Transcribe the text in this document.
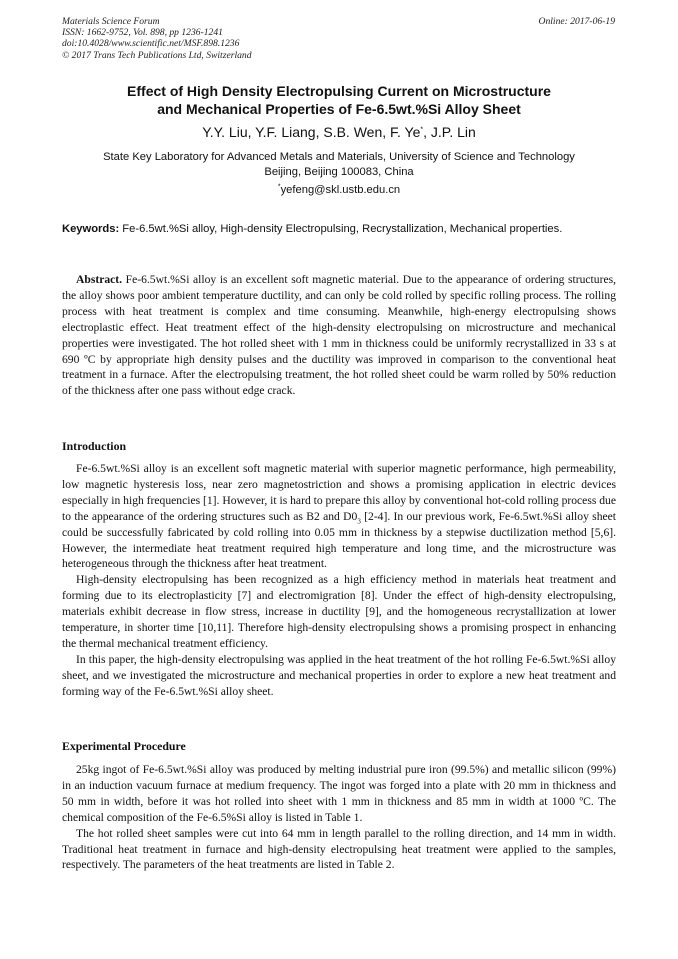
Materials Science Forum
ISSN: 1662-9752, Vol. 898, pp 1236-1241
doi:10.4028/www.scientific.net/MSF.898.1236
© 2017 Trans Tech Publications Ltd, Switzerland
Online: 2017-06-19
Effect of High Density Electropulsing Current on Microstructure
and Mechanical Properties of Fe-6.5wt.%Si Alloy Sheet
Y.Y. Liu, Y.F. Liang, S.B. Wen, F. Ye*, J.P. Lin
State Key Laboratory for Advanced Metals and Materials, University of Science and Technology
Beijing, Beijing 100083, China
*yefeng@skl.ustb.edu.cn
Keywords: Fe-6.5wt.%Si alloy, High-density Electropulsing, Recrystallization, Mechanical properties.

Abstract. Fe-6.5wt.%Si alloy is an excellent soft magnetic material. Due to the appearance of ordering structures, the alloy shows poor ambient temperature ductility, and can only be cold rolled by specific rolling process. The rolling process with heat treatment is complex and time consuming. Meanwhile, high-energy electropulsing shows electroplastic effect. Heat treatment effect of the high-density electropulsing on microstructure and mechanical properties were investigated. The hot rolled sheet with 1 mm in thickness could be uniformly recrystallized in 33 s at 690 ºC by appropriate high density pulses and the ductility was improved in comparison to the conventional heat treatment in a furnace. After the electropulsing treatment, the hot rolled sheet could be warm rolled by 50% reduction of the thickness after one pass without edge crack.

Introduction

Fe-6.5wt.%Si alloy is an excellent soft magnetic material with superior magnetic performance, high permeability, low magnetic hysteresis loss, near zero magnetostriction and shows a promising application in electric devices especially in high frequencies [1]. However, it is hard to prepare this alloy by conventional hot-cold rolling process due to the appearance of the ordering structures such as B2 and $D0_3$ [2-4]. In our previous work, Fe-6.5wt.%Si alloy sheet could be successfully fabricated by cold rolling into 0.05 mm in thickness by a stepwise ductilization method [5,6]. However, the intermediate heat treatment required high temperature and long time, and the microstructure was heterogeneous through the thickness after heat treatment.

High-density electropulsing has been recognized as a high efficiency method in materials heat treatment and forming due to its electroplasticity [7] and electromigration [8]. Under the effect of high-density electropulsing, materials exhibit decrease in flow stress, increase in ductility [9], and the homogeneous recrystallization at lower temperature, in shorter time [10,11]. Therefore high-density electropulsing shows a promising prospect in enhancing the thermal mechanical treatment efficiency.

In this paper, the high-density electropulsing was applied in the heat treatment of the hot rolling Fe-6.5wt.%Si alloy sheet, and we investigated the microstructure and mechanical properties in order to explore a new heat treatment and forming way of the Fe-6.5wt.%Si alloy sheet.

Experimental Procedure

25kg ingot of Fe-6.5wt.%Si alloy was produced by melting industrial pure iron (99.5%) and metallic silicon (99%) in an induction vacuum furnace at medium frequency. The ingot was forged into a plate with 20 mm in thickness and 50 mm in width, before it was hot rolled into sheet with 1 mm in thickness and 85 mm in width at 1000 ºC. The chemical composition of the Fe-6.5%Si alloy is listed in Table 1.

The hot rolled sheet samples were cut into 64 mm in length parallel to the rolling direction, and 14 mm in width. Traditional heat treatment in furnace and high-density electropulsing heat treatment were applied to the samples, respectively. The parameters of the heat treatments are listed in Table 2.
